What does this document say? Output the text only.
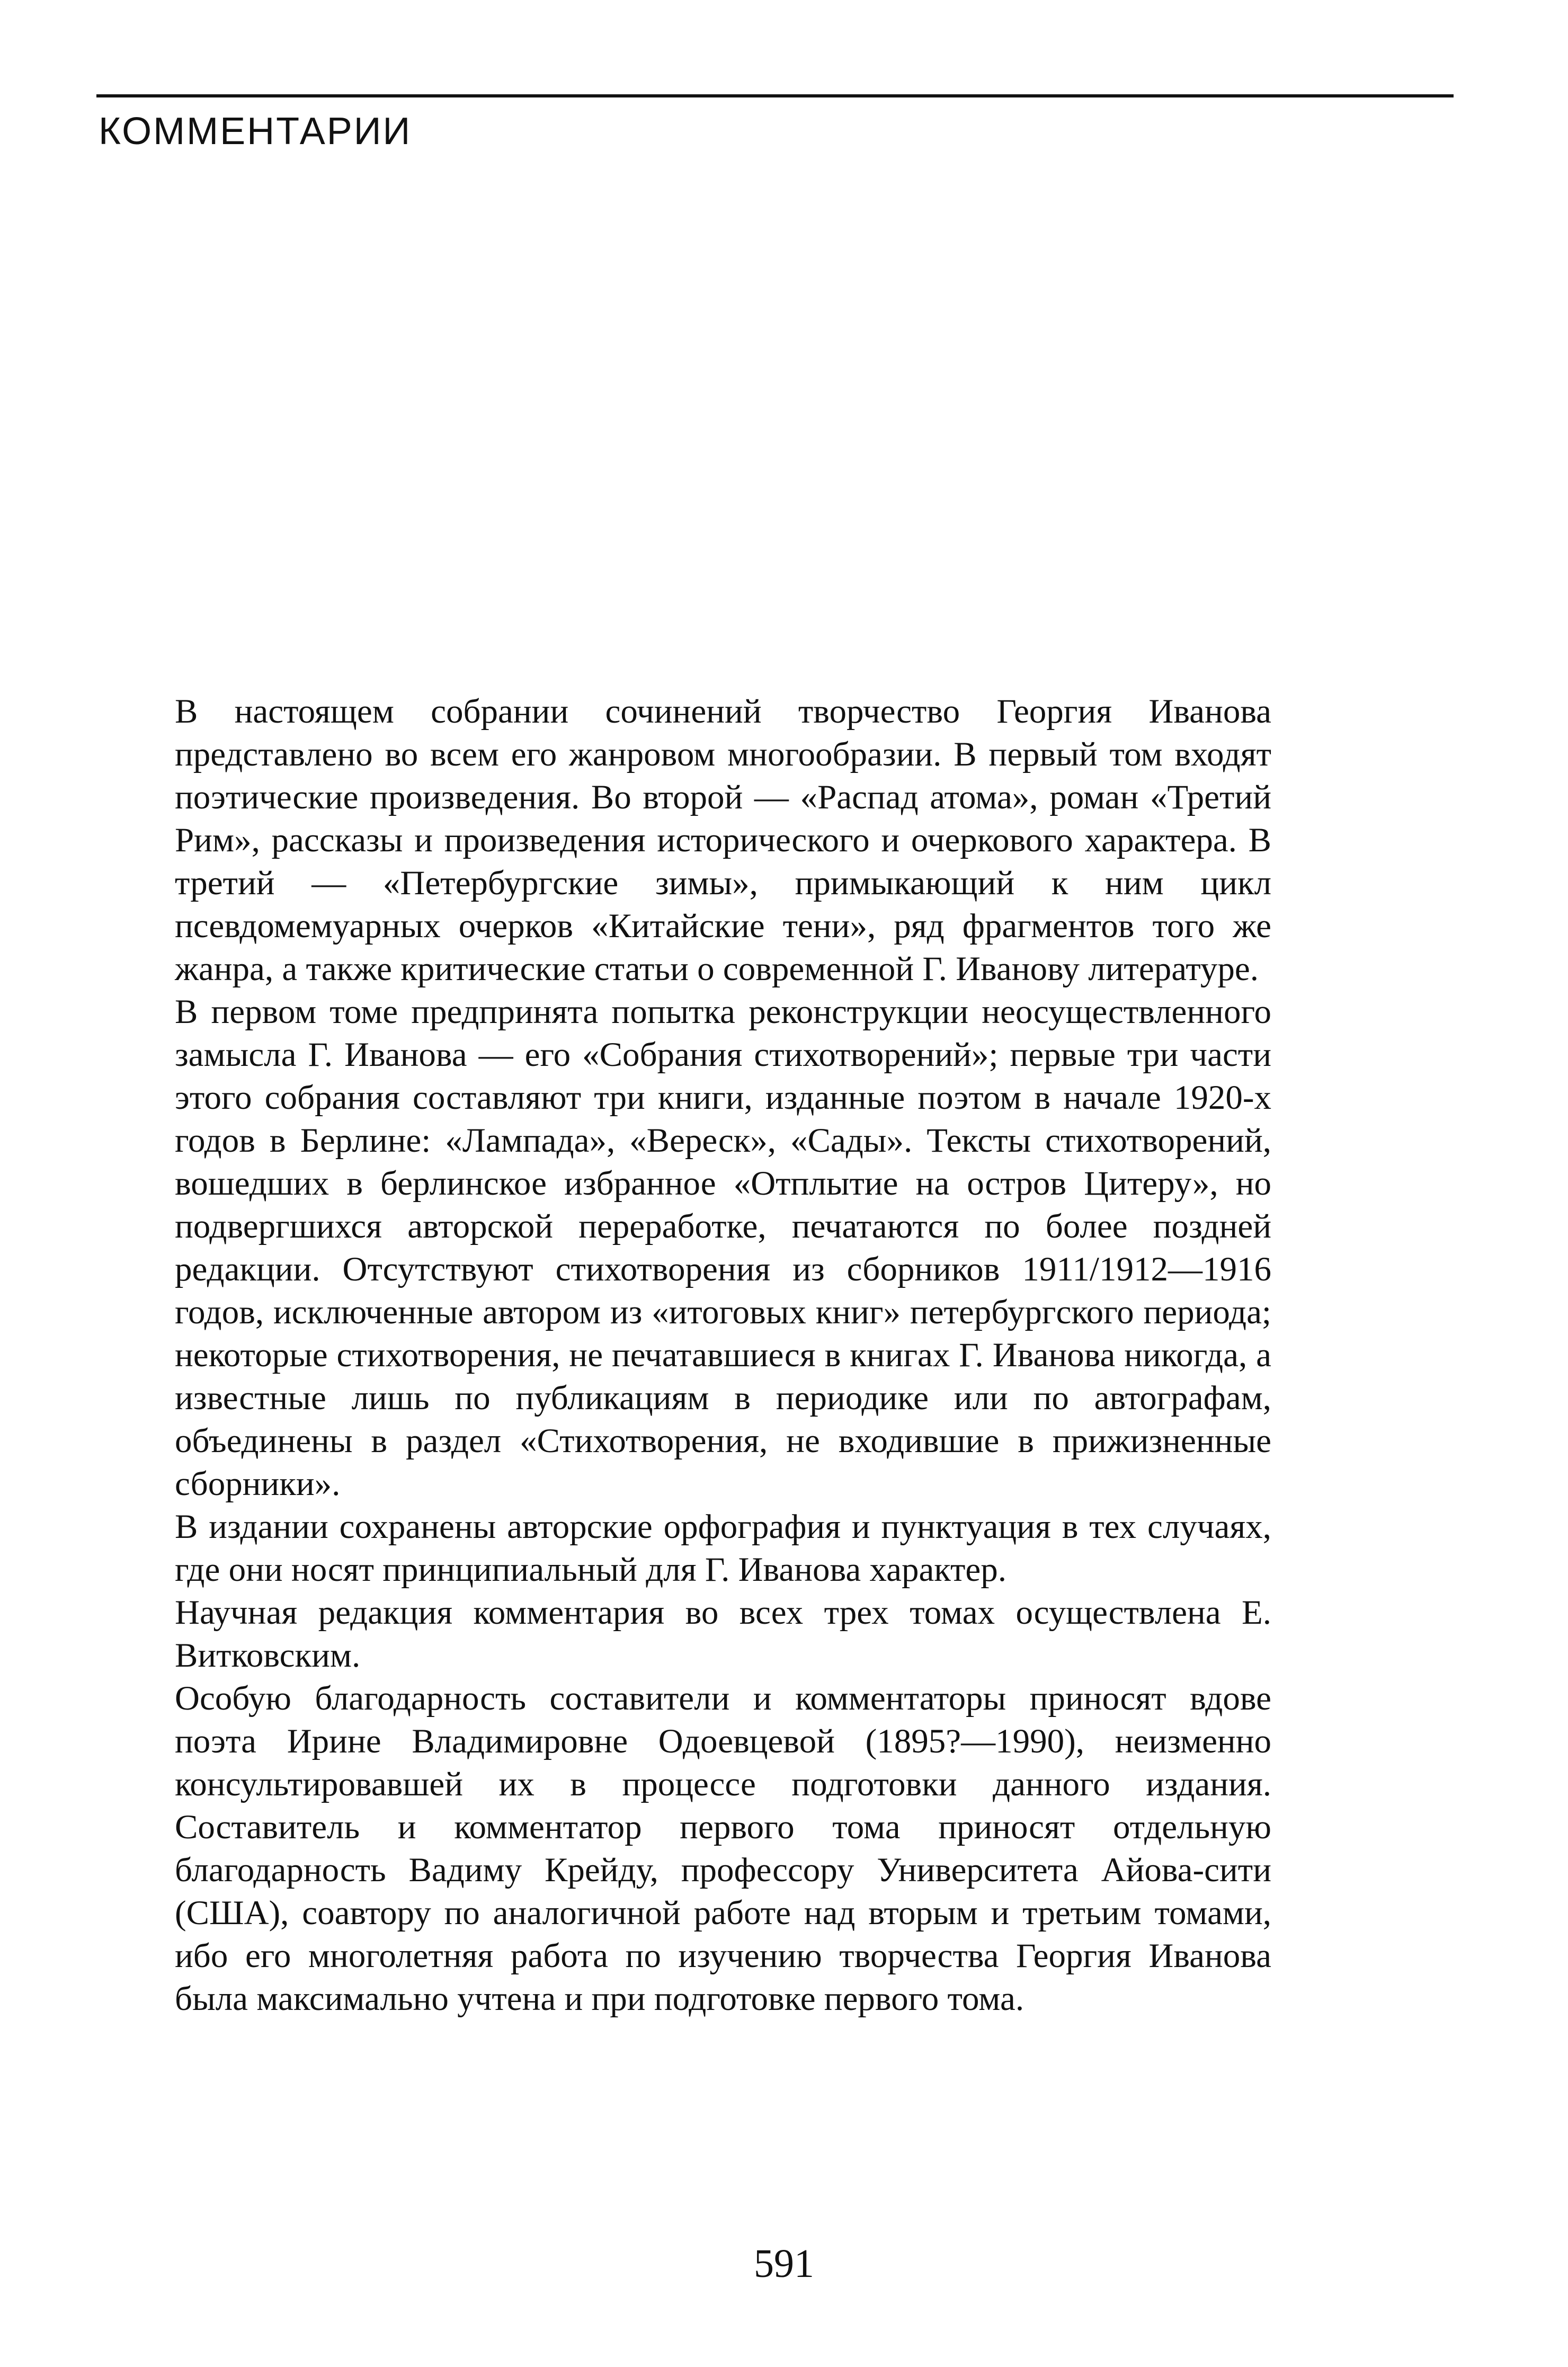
КОММЕНТАРИИ

В настоящем собрании сочинений творчество Георгия Иванова представлено во всем его жанровом многообразии. В первый том входят поэтические произведения. Во второй — «Распад атома», роман «Третий Рим», рассказы и произведения исторического и очеркового характера. В третий — «Петербургские зимы», примыкающий к ним цикл псевдомемуарных очерков «Китайские тени», ряд фрагментов того же жанра, а также критические статьи о современной Г. Иванову литературе.

В первом томе предпринята попытка реконструкции неосуществленного замысла Г. Иванова — его «Собрания стихотворений»; первые три части этого собрания составляют три книги, изданные поэтом в начале 1920-х годов в Берлине: «Лампада», «Вереск», «Сады». Тексты стихотворений, вошедших в берлинское избранное «Отплытие на остров Цитеру», но подвергшихся авторской переработке, печатаются по более поздней редакции. Отсутствуют стихотворения из сборников 1911/1912—1916 годов, исключенные автором из «итоговых книг» петербургского периода; некоторые стихотворения, не печатавшиеся в книгах Г. Иванова никогда, а известные лишь по публикациям в периодике или по автографам, объединены в раздел «Стихотворения, не входившие в прижизненные сборники».

В издании сохранены авторские орфография и пунктуация в тех случаях, где они носят принципиальный для Г. Иванова характер.

Научная редакция комментария во всех трех томах осуществлена Е. Витковским.

Особую благодарность составители и комментаторы приносят вдове поэта Ирине Владимировне Одоевцевой (1895?—1990), неизменно консультировавшей их в процессе подготовки данного издания. Составитель и комментатор первого тома приносят отдельную благодарность Вадиму Крейду, профессору Университета Айова-сити (США), соавтору по аналогичной работе над вторым и третьим томами, ибо его многолетняя работа по изучению творчества Георгия Иванова была максимально учтена и при подготовке первого тома.

591
